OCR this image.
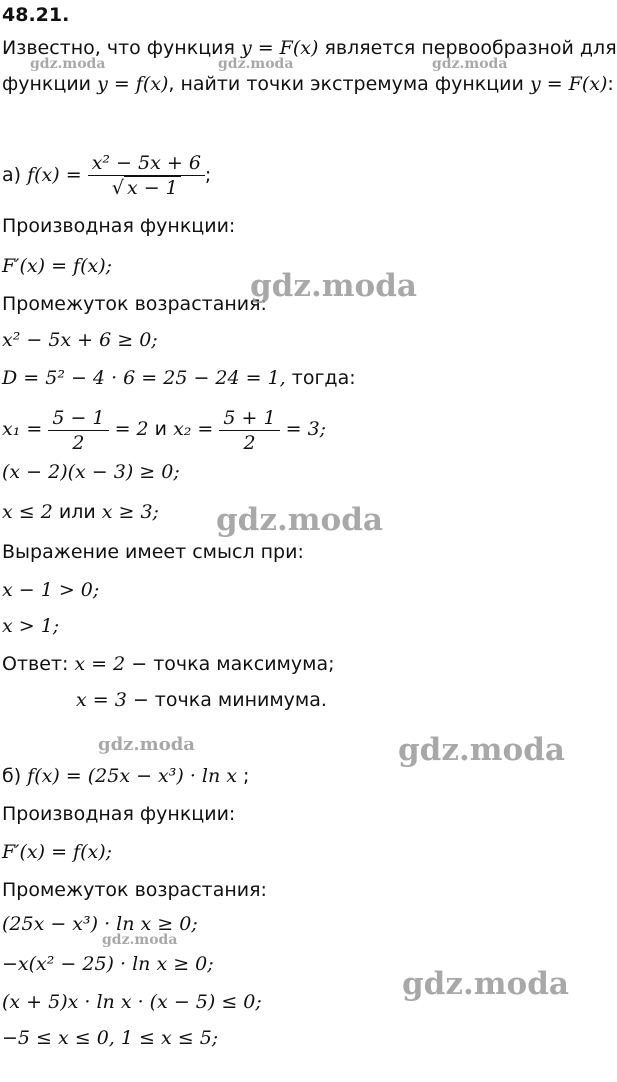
48.21.
Известно, что функция y = F(x) является первообразной для
функции y = f(x), найти точки экстремума функции y = F(x):
а) $f(x) = \frac{\text{x² − 5x + 6}}{√ x - 1}$ ;
Производная функции:
F′(x) = f(x);
Промежуток возрастания:
x² − 5x + 6 ≥ 0;
D = 5² − 4 · 6 = 25 − 24 = 1, тогда:
$x_1 = \frac{5 - 1}{2} = 2$ и $x_2 = \frac{5 + 1}{2} = 3$;
(x − 2)(x − 3) ≥ 0;
x ≤ 2 или x ≥ 3;
Выражение имеет смысл при:
x − 1 > 0;
x > 1;
Ответ: x = 2 − точка максимума;
x = 3 − точка минимума.
б) f(x) = (25x − x³) · ln x ;
Производная функции:
F′(x) = f(x);
Промежуток возрастания:
(25x − x³) · ln x ≥ 0;
−x(x² − 25) · ln x ≥ 0;
(x + 5)x · ln x · (x − 5) ≤ 0;
−5 ≤ x ≤ 0, 1 ≤ x ≤ 5;
gdz.moda	gdz.moda	gdz.moda
gdz.moda
gdz.moda
gdz.moda	gdz.moda
gdz.moda
gdz.moda
